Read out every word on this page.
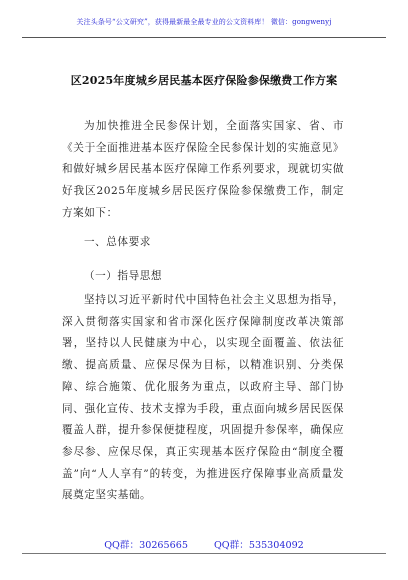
关注头条号“公文研究”，获得最新最全最专业的公文资料库！ 微信：gongwenyj
区2025年度城乡居民基本医疗保险参保缴费工作方案

为加快推进全民参保计划，全面落实国家、省、市《关于全面推进基本医疗保险全民参保计划的实施意见》和做好城乡居民基本医疗保障工作系列要求，现就切实做好我区2025年度城乡居民医疗保险参保缴费工作，制定方案如下：

一、总体要求
（一）指导思想

坚持以习近平新时代中国特色社会主义思想为指导，深入贯彻落实国家和省市深化医疗保障制度改革决策部署，坚持以人民健康为中心，以实现全面覆盖、依法征缴、提高质量、应保尽保为目标，以精准识别、分类保障、综合施策、优化服务为重点，以政府主导、部门协同、强化宣传、技术支撑为手段，重点面向城乡居民医保覆盖人群，提升参保便捷程度，巩固提升参保率，确保应参尽参、应保尽保，真正实现基本医疗保险由“制度全覆盖”向“人人享有”的转变，为推进医疗保障事业高质量发展奠定坚实基础。

QQ群：30265665	QQ群：535304092
